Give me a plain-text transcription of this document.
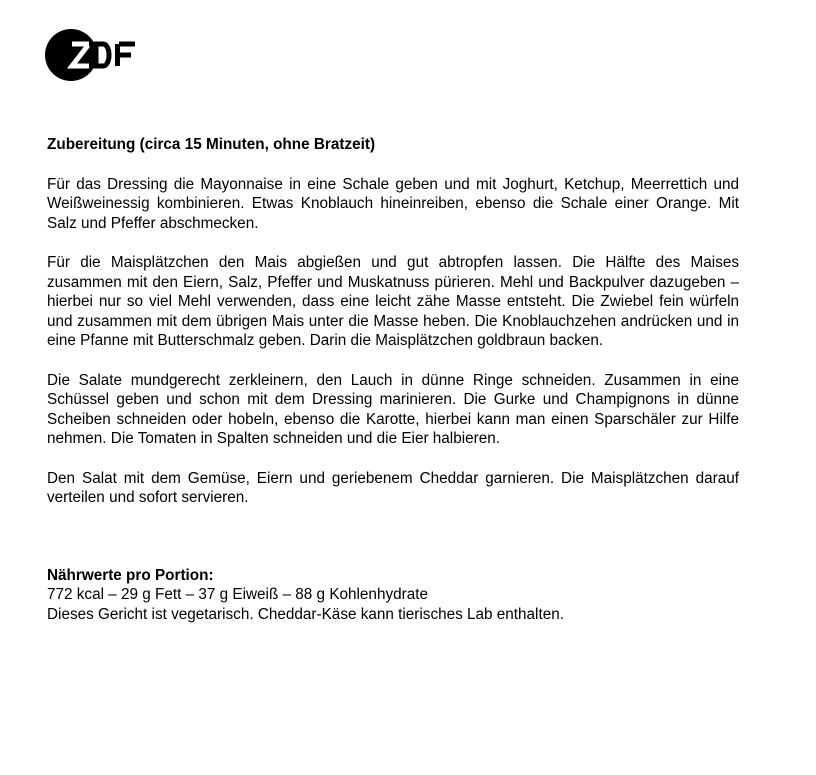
Zubereitung (circa 15 Minuten, ohne Bratzeit)

Für das Dressing die Mayonnaise in eine Schale geben und mit Joghurt, Ketchup, Meerrettich und Weißweinessig kombinieren. Etwas Knoblauch hineinreiben, ebenso die Schale einer Orange. Mit Salz und Pfeffer abschmecken.

Für die Maisplätzchen den Mais abgießen und gut abtropfen lassen. Die Hälfte des Maises zusammen mit den Eiern, Salz, Pfeffer und Muskatnuss pürieren. Mehl und Backpulver dazugeben – hierbei nur so viel Mehl verwenden, dass eine leicht zähe Masse entsteht. Die Zwiebel fein würfeln und zusammen mit dem übrigen Mais unter die Masse heben. Die Knoblauchzehen andrücken und in eine Pfanne mit Butterschmalz geben. Darin die Maisplätzchen goldbraun backen.

Die Salate mundgerecht zerkleinern, den Lauch in dünne Ringe schneiden. Zusammen in eine Schüssel geben und schon mit dem Dressing marinieren. Die Gurke und Champignons in dünne Scheiben schneiden oder hobeln, ebenso die Karotte, hierbei kann man einen Sparschäler zur Hilfe nehmen. Die Tomaten in Spalten schneiden und die Eier halbieren.

Den Salat mit dem Gemüse, Eiern und geriebenem Cheddar garnieren. Die Maisplätzchen darauf verteilen und sofort servieren.

Nährwerte pro Portion:

772 kcal – 29 g Fett – 37 g Eiweiß – 88 g Kohlenhydrate

Dieses Gericht ist vegetarisch. Cheddar-Käse kann tierisches Lab enthalten.
